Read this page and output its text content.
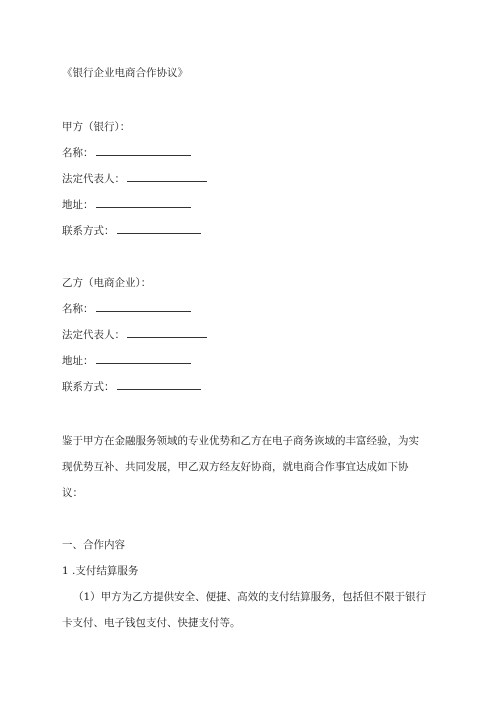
《银行企业电商合作协议》
甲方（银行）：
名称：
法定代表人：
地址：
联系方式：
乙方（电商企业）：
名称：
法定代表人：
地址：
联系方式：
鉴于甲方在金融服务领域的专业优势和乙方在电子商务诙域的丰富经验，为实
现优势互补、共同发展，甲乙双方经友好协商，就电商合作事宜达成如下协
议：
一、合作内容
1 .支付结算服务
（1）甲方为乙方提供安全、便捷、高效的支付结算服务，包括但不限于银行
卡支付、电子钱包支付、快捷支付等。
